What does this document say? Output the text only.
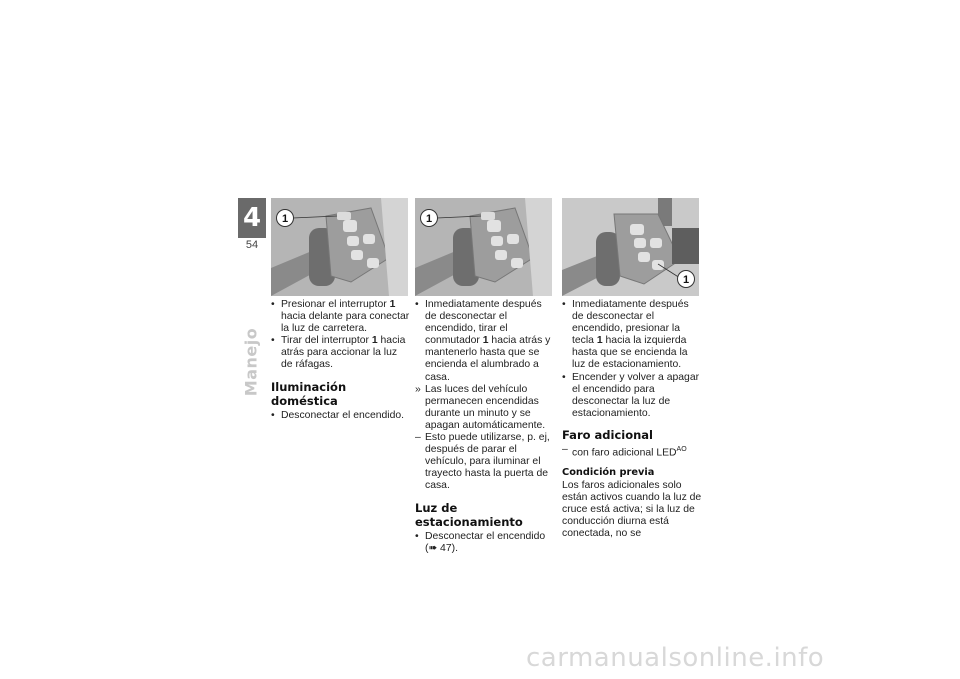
4
54
Manejo
1	1
1

• Presionar el interruptor 1 hacia delante para conectar la luz de carretera.

• Tirar del interruptor 1 hacia atrás para accionar la luz de ráfagas.

Iluminación doméstica

• Desconectar el encendido.

• Inmediatamente después de desconectar el encendido, tirar el conmutador 1 hacia atrás y mantenerlo hasta que se encienda el alumbrado a casa.

» Las luces del vehículo permanecen encendidas durante un minuto y se apagan automáticamente.

– Esto puede utilizarse, p. ej, después de parar el vehículo, para iluminar el trayecto hasta la puerta de casa.

Luz de estacionamiento

• Desconectar el encendido (➠ 47).

• Inmediatamente después de desconectar el encendido, presionar la tecla 1 hacia la izquierda hasta que se encienda la luz de estacionamiento.

• Encender y volver a apagar el encendido para desconectar la luz de estacionamiento.

Faro adicional

– con faro adicional $LED^{AO}$

Condición previa

Los faros adicionales solo están activos cuando la luz de cruce está activa; si la luz de conducción diurna está conectada, no se

carmanualsonline.info
